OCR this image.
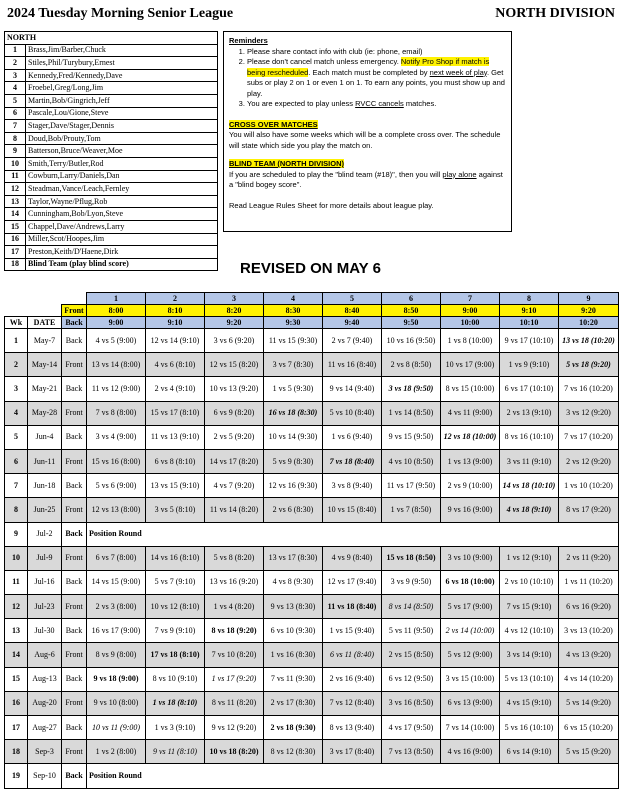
2024 Tuesday Morning Senior League	NORTH DIVISION
NORTH	
1	Brass,Jim/Barber,Chuck
2	Stiles,Phil/Turybury,Ernest
3	Kennedy,Fred/Kennedy,Dave
4	Froebel,Greg/Long,Jim
5	Martin,Bob/Gingrich,Jeff
6	Pascale,Lou/Gione,Steve
7	Stager,Dave/Stager,Dennis
8	Doud,Bob/Prouty,Tom
9	Batterson,Bruce/Weaver,Moe
10	Smith,Terry/Butler,Rod
11	Cowburn,Larry/Daniels,Dan
12	Steadman,Vance/Leach,Fernley
13	Taylor,Wayne/Pflug,Rob
14	Cunningham,Bob/Lyon,Steve
15	Chappel,Dave/Andrews,Larry
16	Miller,Scot/Hoopes,Jim
17	Preston,Keith/D'Haene,Dirk
18	Blind Team (play blind score)
Reminders
1. Please share contact info with club (ie: phone, email)
2. Please don't cancel match unless emergency. Notify Pro Shop if match is being rescheduled. Each match must be completed by next week of play. Get subs or play 2 on 1 or even 1 on 1. To earn any points, you must show up and play.
3. You are expected to play unless RVCC cancels matches.

CROSS OVER MATCHES

You will also have some weeks which will be a complete cross over. The schedule will state which side you play the match on.

BLIND TEAM (NORTH DIVISION)

If you are scheduled to play the "blind team (#18)", then you will play alone against a "blind bogey score".

Read League Rules Sheet for more details about league play.

REVISED ON MAY 6
			1	2	3	4	5	6	7	8	9
		Front	8:00	8:10	8:20	8:30	8:40	8:50	9:00	9:10	9:20
Wk	DATE	Back	9:00	9:10	9:20	9:30	9:40	9:50	10:00	10:10	10:20
1	May-7	Back	4 vs 5 (9:00)	12 vs 14 (9:10)	3 vs 6 (9:20)	11 vs 15 (9:30)	2 vs 7 (9:40)	10 vs 16 (9:50)	1 vs 8 (10:00)	9 vs 17 (10:10)	13 vs 18 (10:20)
2	May-14	Front	13 vs 14 (8:00)	4 vs 6 (8:10)	12 vs 15 (8:20)	3 vs 7 (8:30)	11 vs 16 (8:40)	2 vs 8 (8:50)	10 vs 17 (9:00)	1 vs 9 (9:10)	5 vs 18 (9:20)
3	May-21	Back	11 vs 12 (9:00)	2 vs 4 (9:10)	10 vs 13 (9:20)	1 vs 5 (9:30)	9 vs 14 (9:40)	3 vs 18 (9:50)	8 vs 15 (10:00)	6 vs 17 (10:10)	7 vs 16 (10:20)
4	May-28	Front	7 vs 8 (8:00)	15 vs 17 (8:10)	6 vs 9 (8:20)	16 vs 18 (8:30)	5 vs 10 (8:40)	1 vs 14 (8:50)	4 vs 11 (9:00)	2 vs 13 (9:10)	3 vs 12 (9:20)
5	Jun-4	Back	3 vs 4 (9:00)	11 vs 13 (9:10)	2 vs 5 (9:20)	10 vs 14 (9:30)	1 vs 6 (9:40)	9 vs 15 (9:50)	12 vs 18 (10:00)	8 vs 16 (10:10)	7 vs 17 (10:20)
6	Jun-11	Front	15 vs 16 (8:00)	6 vs 8 (8:10)	14 vs 17 (8:20)	5 vs 9 (8:30)	7 vs 18 (8:40)	4 vs 10 (8:50)	1 vs 13 (9:00)	3 vs 11 (9:10)	2 vs 12 (9:20)
7	Jun-18	Back	5 vs 6 (9:00)	13 vs 15 (9:10)	4 vs 7 (9:20)	12 vs 16 (9:30)	3 vs 8 (9:40)	11 vs 17 (9:50)	2 vs 9 (10:00)	14 vs 18 (10:10)	1 vs 10 (10:20)
8	Jun-25	Front	12 vs 13 (8:00)	3 vs 5 (8:10)	11 vs 14 (8:20)	2 vs 6 (8:30)	10 vs 15 (8:40)	1 vs 7 (8:50)	9 vs 16 (9:00)	4 vs 18 (9:10)	8 vs 17 (9:20)
9	Jul-2	Back	Position Round								
10	Jul-9	Front	6 vs 7 (8:00)	14 vs 16 (8:10)	5 vs 8 (8:20)	13 vs 17 (8:30)	4 vs 9 (8:40)	15 vs 18 (8:50)	3 vs 10 (9:00)	1 vs 12 (9:10)	2 vs 11 (9:20)
11	Jul-16	Back	14 vs 15 (9:00)	5 vs 7 (9:10)	13 vs 16 (9:20)	4 vs 8 (9:30)	12 vs 17 (9:40)	3 vs 9 (9:50)	6 vs 18 (10:00)	2 vs 10 (10:10)	1 vs 11 (10:20)
12	Jul-23	Front	2 vs 3 (8:00)	10 vs 12 (8:10)	1 vs 4 (8:20)	9 vs 13 (8:30)	11 vs 18 (8:40)	8 vs 14 (8:50)	5 vs 17 (9:00)	7 vs 15 (9:10)	6 vs 16 (9:20)
13	Jul-30	Back	16 vs 17 (9:00)	7 vs 9 (9:10)	8 vs 18 (9:20)	6 vs 10 (9:30)	1 vs 15 (9:40)	5 vs 11 (9:50)	2 vs 14 (10:00)	4 vs 12 (10:10)	3 vs 13 (10:20)
14	Aug-6	Front	8 vs 9 (8:00)	17 vs 18 (8:10)	7 vs 10 (8:20)	1 vs 16 (8:30)	6 vs 11 (8:40)	2 vs 15 (8:50)	5 vs 12 (9:00)	3 vs 14 (9:10)	4 vs 13 (9:20)
15	Aug-13	Back	9 vs 18 (9:00)	8 vs 10 (9:10)	1 vs 17 (9:20)	7 vs 11 (9:30)	2 vs 16 (9:40)	6 vs 12 (9:50)	3 vs 15 (10:00)	5 vs 13 (10:10)	4 vs 14 (10:20)
16	Aug-20	Front	9 vs 10 (8:00)	1 vs 18 (8:10)	8 vs 11 (8:20)	2 vs 17 (8:30)	7 vs 12 (8:40)	3 vs 16 (8:50)	6 vs 13 (9:00)	4 vs 15 (9:10)	5 vs 14 (9:20)
17	Aug-27	Back	10 vs 11 (9:00)	1 vs 3 (9:10)	9 vs 12 (9:20)	2 vs 18 (9:30)	8 vs 13 (9:40)	4 vs 17 (9:50)	7 vs 14 (10:00)	5 vs 16 (10:10)	6 vs 15 (10:20)
18	Sep-3	Front	1 vs 2 (8:00)	9 vs 11 (8:10)	10 vs 18 (8:20)	8 vs 12 (8:30)	3 vs 17 (8:40)	7 vs 13 (8:50)	4 vs 16 (9:00)	6 vs 14 (9:10)	5 vs 15 (9:20)
19	Sep-10	Back	Position Round								
